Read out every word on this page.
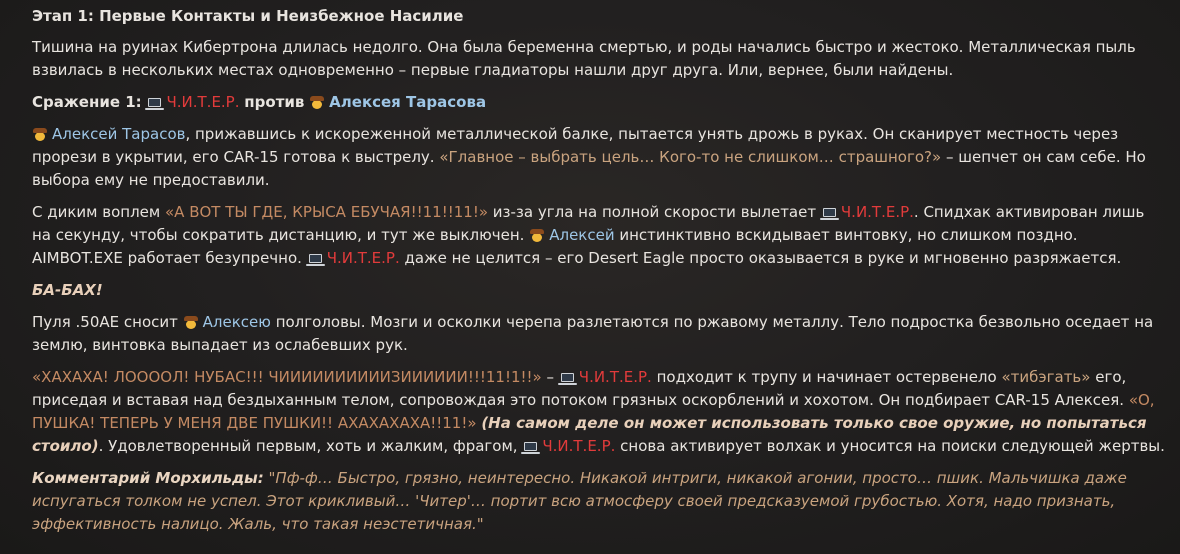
Этап 1: Первые Контакты и Неизбежное Насилие

Тишина на руинах Кибертрона длилась недолго. Она была беременна смертью, и роды начались быстро и жестоко. Металлическая пыль взвилась в нескольких местах одновременно – первые гладиаторы нашли друг друга. Или, вернее, были найдены.

Сражение 1: Ч.И.Т.Е.Р. против Алексея Тарасова

Алексей Тарасов, прижавшись к искореженной металлической балке, пытается унять дрожь в руках. Он сканирует местность через прорези в укрытии, его CAR-15 готова к выстрелу. «Главное – выбрать цель… Кого-то не слишком… страшного?» – шепчет он сам себе. Но выбора ему не предоставили.

С диким воплем «А ВОТ ТЫ ГДЕ, КРЫСА ЕБУЧАЯ!!11!!11!» из-за угла на полной скорости вылетает Ч.И.Т.Е.Р.. Спидхак активирован лишь на секунду, чтобы сократить дистанцию, и тут же выключен. Алексей инстинктивно вскидывает винтовку, но слишком поздно. AIMBOT.EXE работает безупречно. Ч.И.Т.Е.Р. даже не целится – его Desert Eagle просто оказывается в руке и мгновенно разряжается.

БА-БАХ!

Пуля .50AE сносит Алексею полголовы. Мозги и осколки черепа разлетаются по ржавому металлу. Тело подростка безвольно оседает на землю, винтовка выпадает из ослабевших рук.

«ХАХАХА! ЛООООЛ! НУБАС!!! ЧИИИИИИИИИИЗИИИИИИ!!!11!1!!» – Ч.И.Т.Е.Р. подходит к трупу и начинает остервенело «тибэгать» его, приседая и вставая над бездыханным телом, сопровождая это потоком грязных оскорблений и хохотом. Он подбирает CAR-15 Алексея. «О, ПУШКА! ТЕПЕРЬ У МЕНЯ ДВЕ ПУШКИ!! АХАХАХАХА!!11!» (На самом деле он может использовать только свое оружие, но попытаться стоило). Удовлетворенный первым, хоть и жалким, фрагом, Ч.И.Т.Е.Р. снова активирует волхак и уносится на поиски следующей жертвы.

Комментарий Морхильды: "Пф-ф… Быстро, грязно, неинтересно. Никакой интриги, никакой агонии, просто… пшик. Мальчишка даже испугаться толком не успел. Этот крикливый… 'Читер'… портит всю атмосферу своей предсказуемой грубостью. Хотя, надо признать, эффективность налицо. Жаль, что такая неэстетичная."
